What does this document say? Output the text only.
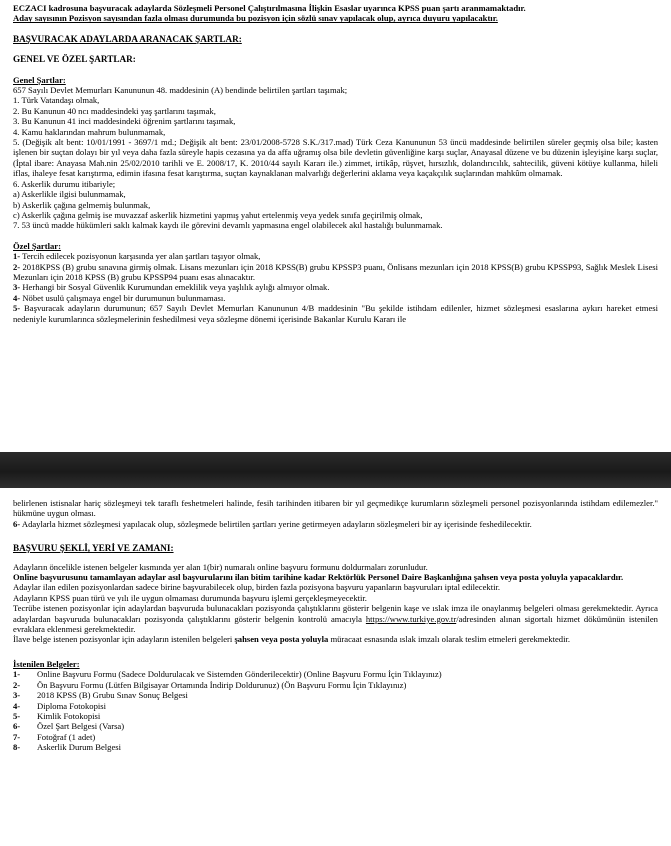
ECZACI kadrosuna başvuracak adaylarda Sözleşmeli Personel Çalıştırılmasına İlişkin Esaslar uyarınca KPSS puan şartı aranmamaktadır.
Aday sayısının Pozisyon sayısından fazla olması durumunda bu pozisyon için sözlü sınav yapılacak olup, ayrıca duyuru yapılacaktır.
BAŞVURACAK ADAYLARDA ARANACAK ŞARTLAR:
GENEL VE ÖZEL ŞARTLAR:
Genel Şartlar:
657 Sayılı Devlet Memurları Kanununun 48. maddesinin (A) bendinde belirtilen şartları taşımak;
1. Türk Vatandaşı olmak,
2. Bu Kanunun 40 ncı maddesindeki yaş şartlarını taşımak,
3. Bu Kanunun 41 inci maddesindeki öğrenim şartlarını taşımak,
4. Kamu haklarından mahrum bulunmamak,
5. (Değişik alt bent: 10/01/1991 - 3697/1 md.; Değişik alt bent: 23/01/2008-5728 S.K./317.mad) Türk Ceza Kanununun 53 üncü maddesinde belirtilen süreler geçmiş olsa bile; kasten işlenen bir suçtan dolayı bir yıl veya daha fazla süreyle hapis cezasına ya da affa uğramış olsa bile devletin güvenliğine karşı suçlar, Anayasal düzene ve bu düzenin işleyişine karşı suçlar, (İptal ibare: Anayasa Mah.nin 25/02/2010 tarihli ve E. 2008/17, K. 2010/44 sayılı Kararı ile.) zimmet, irtikâp, rüşvet, hırsızlık, dolandırıcılık, sahtecilik, güveni kötüye kullanma, hileli iflas, ihaleye fesat karıştırma, edimin ifasına fesat karıştırma, suçtan kaynaklanan malvarlığı değerlerini aklama veya kaçakçılık suçlarından mahkûm olmamak.
6. Askerlik durumu itibariyle;
a) Askerlikle ilgisi bulunmamak,
b) Askerlik çağına gelmemiş bulunmak,
c) Askerlik çağına gelmiş ise muvazzaf askerlik hizmetini yapmış yahut ertelenmiş veya yedek sınıfa geçirilmiş olmak,
7. 53 üncü madde hükümleri saklı kalmak kaydı ile görevini devamlı yapmasına engel olabilecek akıl hastalığı bulunmamak.
Özel Şartlar:
1- Tercih edilecek pozisyonun karşısında yer alan şartları taşıyor olmak,
2- 2018KPSS (B) grubu sınavına girmiş olmak. Lisans mezunları için 2018 KPSS(B) grubu KPSSP3 puanı, Önlisans mezunları için 2018 KPSS(B) grubu KPSSP93, Sağlık Meslek Lisesi Mezunları için 2018 KPSS (B) grubu KPSSP94 puanı esas alınacaktır.
3- Herhangi bir Sosyal Güvenlik Kurumundan emeklilik veya yaşlılık aylığı almıyor olmak.
4- Nöbet usulü çalışmaya engel bir durumunun bulunmaması.
5- Başvuracak adayların durumunun; 657 Sayılı Devlet Memurları Kanununun 4/B maddesinin "Bu şekilde istihdam edilenler, hizmet sözleşmesi esaslarına aykırı hareket etmesi nedeniyle kurumlarınca sözleşmelerinin feshedilmesi veya sözleşme dönemi içerisinde Bakanlar Kurulu Kararı ile
belirlenen istisnalar hariç sözleşmeyi tek taraflı feshetmeleri halinde, fesih tarihinden itibaren bir yıl geçmedikçe kurumların sözleşmeli personel pozisyonlarında istihdam edilemezler." hükmüne uygun olması.
6- Adaylarla hizmet sözleşmesi yapılacak olup, sözleşmede belirtilen şartları yerine getirmeyen adayların sözleşmeleri bir ay içerisinde feshedilecektir.
BAŞVURU ŞEKLİ, YERİ VE ZAMANI:
Adayların öncelikle istenen belgeler kısmında yer alan 1(bir) numaralı online başvuru formunu doldurmaları zorunludur.
Online başvurusunu tamamlayan adaylar asıl başvurularını ilan bitim tarihine kadar Rektörlük Personel Daire Başkanlığına şahsen veya posta yoluyla yapacaklardır.
Adaylar ilan edilen pozisyonlardan sadece birine başvurabilecek olup, birden fazla pozisyona başvuru yapanların başvuruları iptal edilecektir.
Adayların KPSS puan türü ve yılı ile uygun olmaması durumunda başvuru işlemi gerçekleşmeyecektir.
Tecrübe istenen pozisyonlar için adaylardan başvuruda bulunacakları pozisyonda çalıştıklarını gösterir belgenin kaşe ve ıslak imza ile onaylanmış belgeleri olması gerekmektedir. Ayrıca adaylardan başvuruda bulunacakları pozisyonda çalıştıklarını gösterir belgenin kontrolü amacıyla https://www.turkiye.gov.tr/adresinden alınan sigortalı hizmet dökümünün istenilen evraklara eklenmesi gerekmektedir.
İlave belge istenen pozisyonlar için adayların istenilen belgeleri şahsen veya posta yoluyla müracaat esnasında ıslak imzalı olarak teslim etmeleri gerekmektedir.
İstenilen Belgeler:
1-	Online Başvuru Formu (Sadece Doldurulacak ve Sistemden Gönderilecektir) (Online Başvuru Formu İçin Tıklayınız)
2-	Ön Başvuru Formu (Lütfen Bilgisayar Ortamında İndirip Doldurunuz) (Ön Başvuru Formu İçin Tıklayınız)
3-	2018 KPSS (B) Grubu Sınav Sonuç Belgesi
4-	Diploma Fotokopisi
5-	Kimlik Fotokopisi
6-	Özel Şart Belgesi (Varsa)
7-	Fotoğraf (1 adet)
8-	Askerlik Durum Belgesi
